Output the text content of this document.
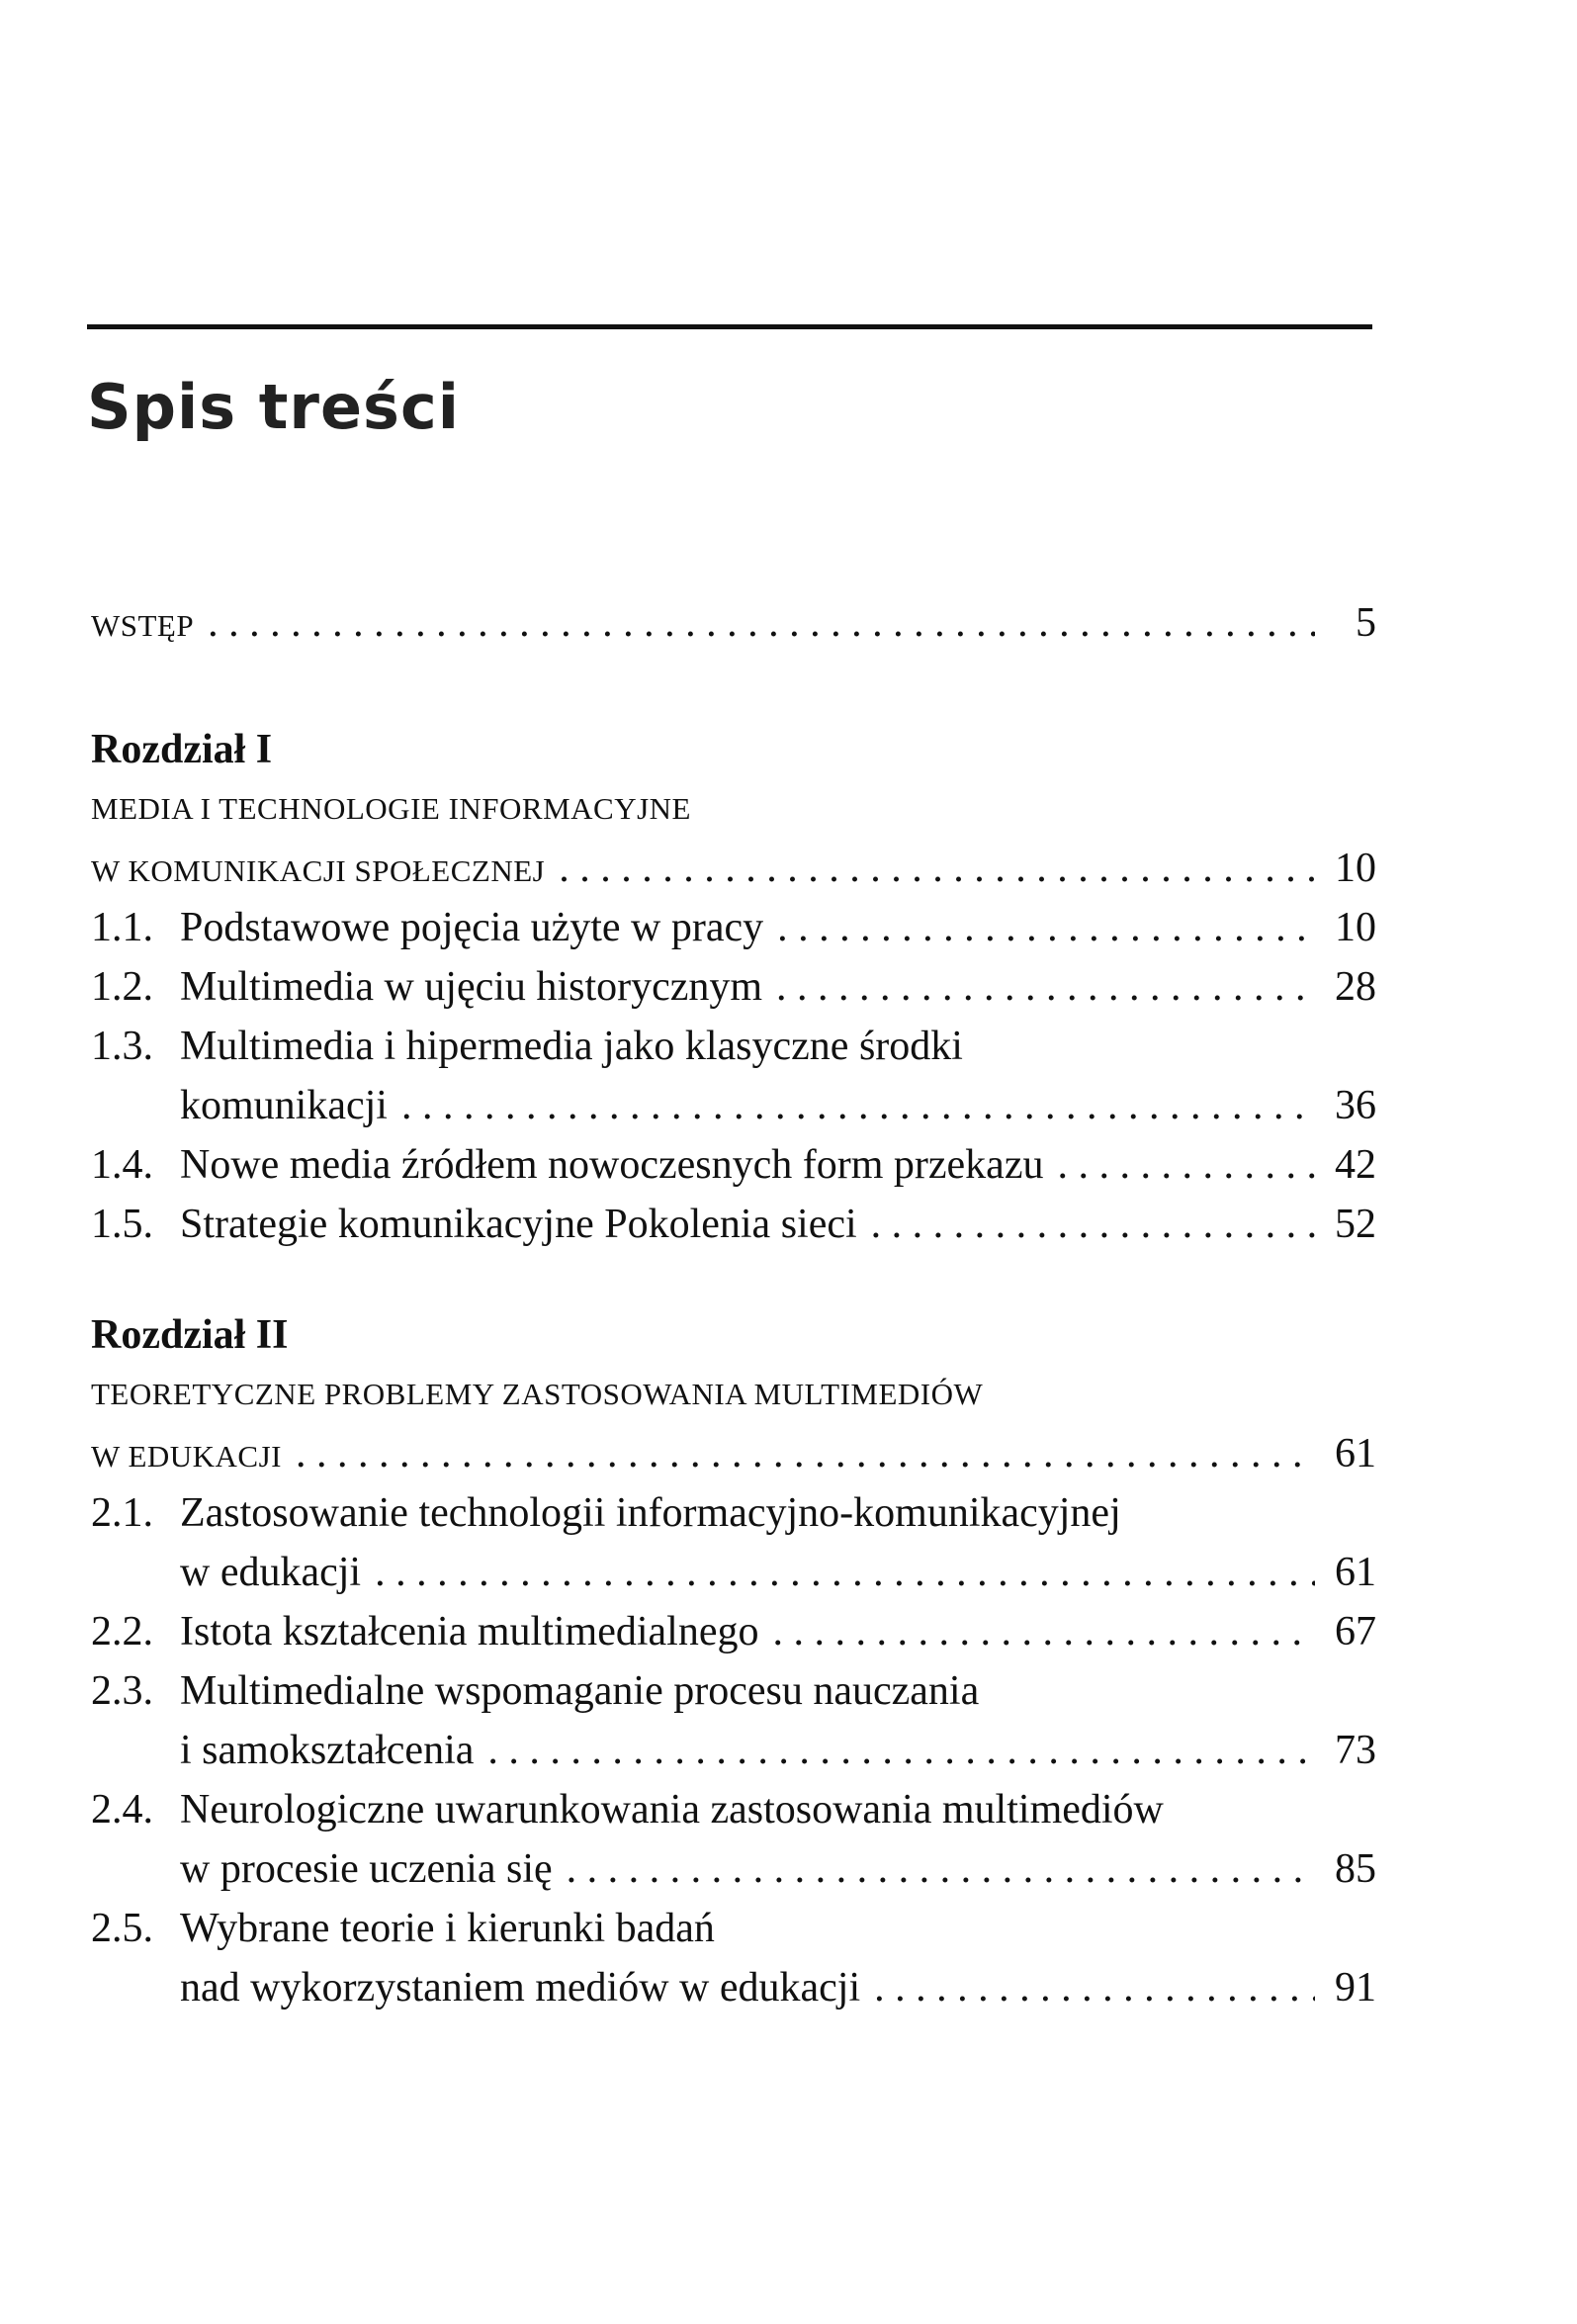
Spis treści
WSTĘP . . .	5
Rozdział I
MEDIA I TECHNOLOGIE INFORMACYJNE
W KOMUNIKACJI SPOŁECZNEJ . . .	10
1.1. Podstawowe pojęcia użyte w pracy . . .	10
1.2. Multimedia w ujęciu historycznym . . .	28
1.3. Multimedia i hipermedia jako klasyczne środki
komunikacji . . .	36
1.4. Nowe media źródłem nowoczesnych form przekazu . . .	42
1.5. Strategie komunikacyjne Pokolenia sieci . . .	52
Rozdział II
TEORETYCZNE PROBLEMY ZASTOSOWANIA MULTIMEDIÓW
W EDUKACJI . . .	61
2.1. Zastosowanie technologii informacyjno-komunikacyjnej
w edukacji . . .	61
2.2. Istota kształcenia multimedialnego . . .	67
2.3. Multimedialne wspomaganie procesu nauczania
i samokształcenia . . .	73
2.4. Neurologiczne uwarunkowania zastosowania multimediów
w procesie uczenia się . . .	85
2.5. Wybrane teorie i kierunki badań
nad wykorzystaniem mediów w edukacji . . .	91
